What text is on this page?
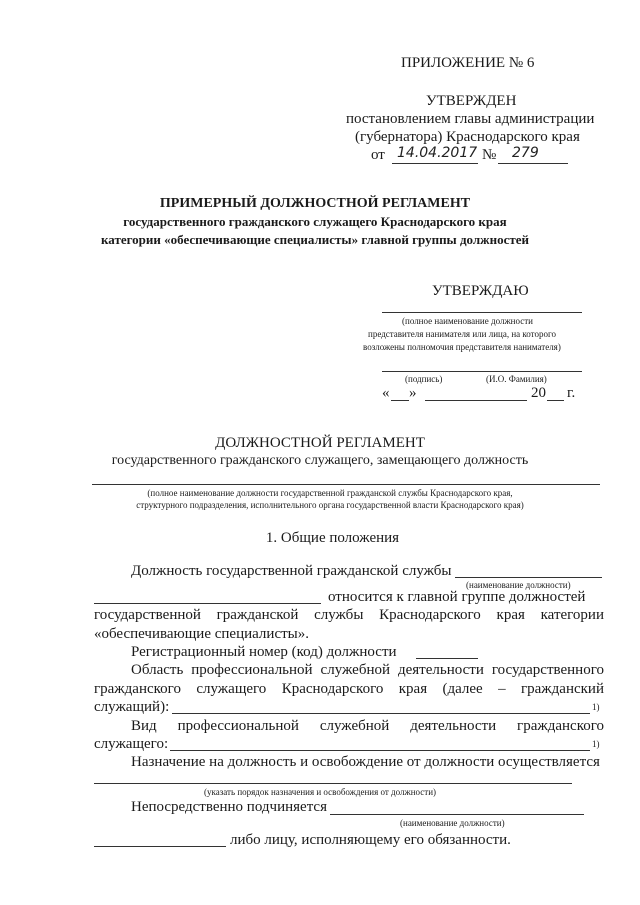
ПРИЛОЖЕНИЕ № 6
УТВЕРЖДЕН
постановлением главы администрации
(губернатора) Краснодарского края
от 14.04.2017 № 279
ПРИМЕРНЫЙ ДОЛЖНОСТНОЙ РЕГЛАМЕНТ
государственного гражданского служащего Краснодарского края
категории «обеспечивающие специалисты» главной группы должностей
УТВЕРЖДАЮ
(полное наименование должности
представителя нанимателя или лица, на которого
возложены полномочия представителя нанимателя)
(подпись)	(И.О. Фамилия)
« »	20 г.
ДОЛЖНОСТНОЙ РЕГЛАМЕНТ
государственного гражданского служащего, замещающего должность
(полное наименование должности государственной гражданской службы Краснодарского края,
структурного подразделения, исполнительного органа государственной власти Краснодарского края)
1. Общие положения
Должность государственной гражданской службы
(наименование должности)
относится к главной группе должностей
государственной гражданской службы Краснодарского края категории
«обеспечивающие специалисты».
Регистрационный номер (код) должности
Область профессиональной служебной деятельности государственного
гражданского служащего Краснодарского края (далее – гражданский
служащий):	1)
Вид профессиональной служебной деятельности гражданского
служащего:	1)
Назначение на должность и освобождение от должности осуществляется
(указать порядок назначения и освобождения от должности)
Непосредственно подчиняется
(наименование должности)
либо лицу, исполняющему его обязанности.
